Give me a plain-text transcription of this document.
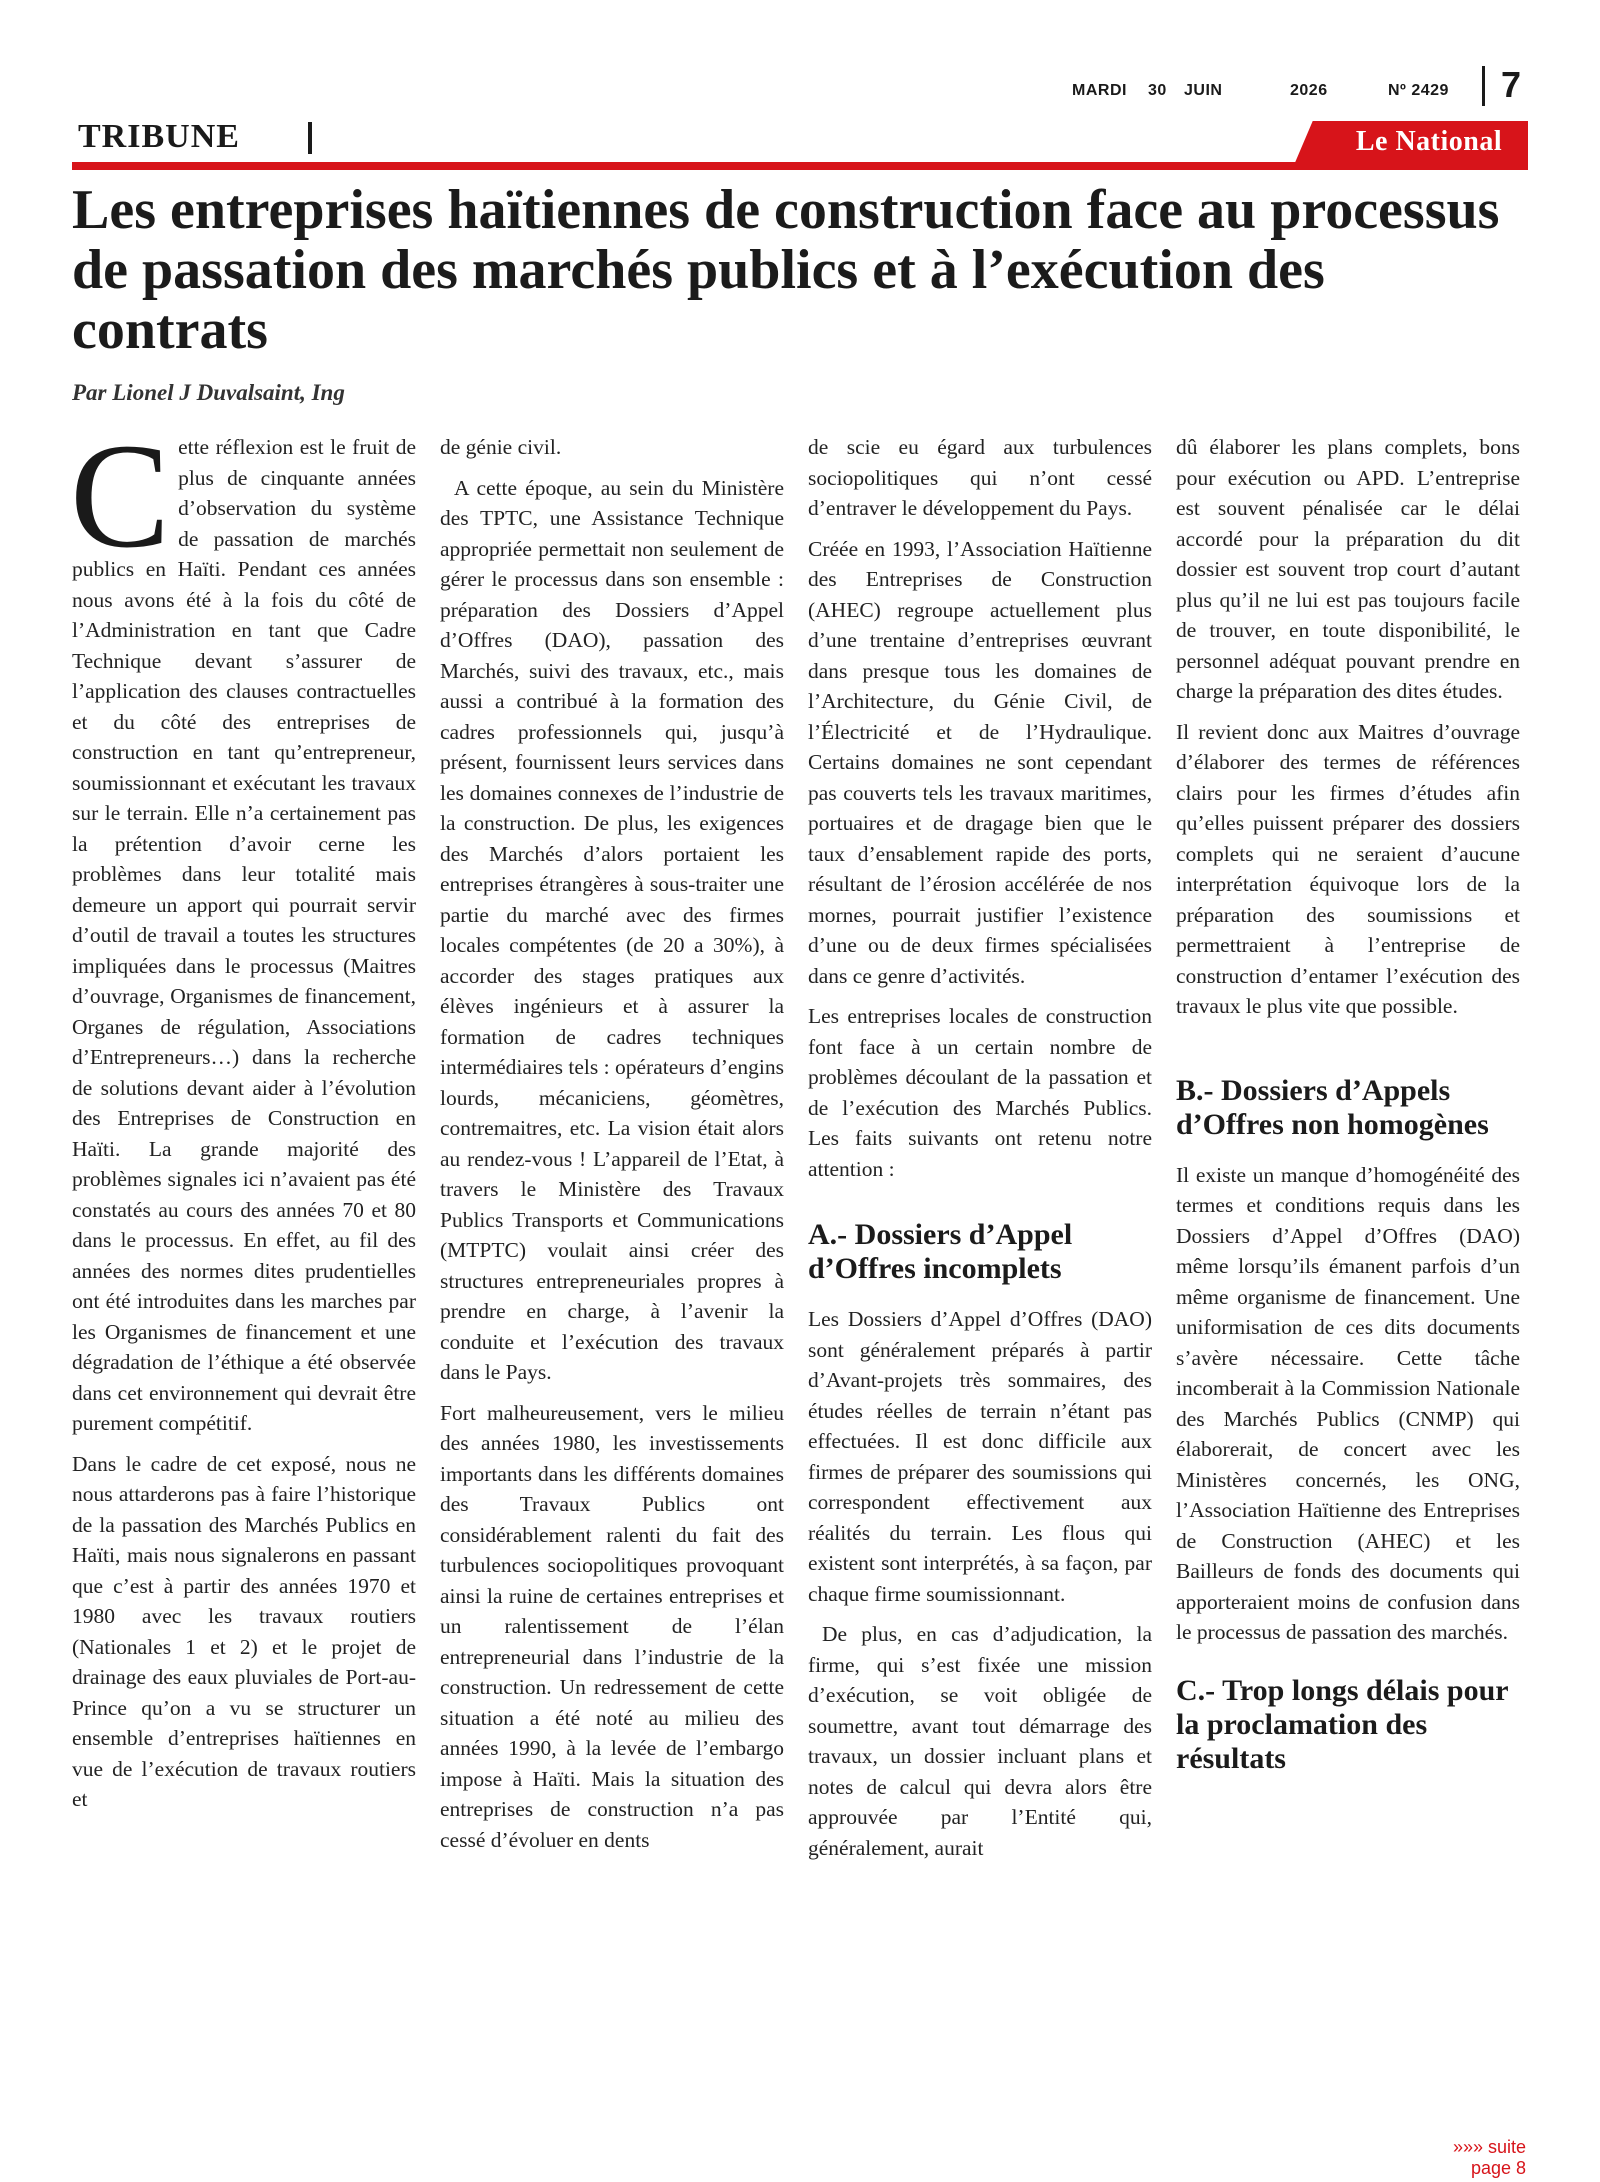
MARDI 30 JUIN	2026	Nº 2429	7
TRIBUNE	Le National
Les entreprises haïtiennes de construction face au processus de passation des marchés publics et à l’exécution des contrats
Par Lionel J Duvalsaint, Ing

Cette réflexion est le fruit de plus de cinquante années d’observation du système de passation de marchés publics en Haïti. Pendant ces années nous avons été à la fois du côté de l’Administration en tant que Cadre Technique devant s’assurer de l’application des clauses contractuelles et du côté des entreprises de construction en tant qu’entrepreneur, soumissionnant et exécutant les travaux sur le terrain. Elle n’a certainement pas la prétention d’avoir cerne les problèmes dans leur totalité mais demeure un apport qui pourrait servir d’outil de travail a toutes les structures impliquées dans le processus (Maitres d’ouvrage, Organismes de financement, Organes de régulation, Associations d’Entrepreneurs…) dans la recherche de solutions devant aider à l’évolution des Entreprises de Construction en Haïti. La grande majorité des problèmes signales ici n’avaient pas été constatés au cours des années 70 et 80 dans le processus. En effet, au fil des années des normes dites prudentielles ont été introduites dans les marches par les Organismes de financement et une dégradation de l’éthique a été observée dans cet environnement qui devrait être purement compétitif.

Dans le cadre de cet exposé, nous ne nous attarderons pas à faire l’historique de la passation des Marchés Publics en Haïti, mais nous signalerons en passant que c’est à partir des années 1970 et 1980 avec les travaux routiers (Nationales 1 et 2) et le projet de drainage des eaux pluviales de Port-au-Prince qu’on a vu se structurer un ensemble d’entreprises haïtiennes en vue de l’exécution de travaux routiers et

de génie civil.

A cette époque, au sein du Ministère des TPTC, une Assistance Technique appropriée permettait non seulement de gérer le processus dans son ensemble : préparation des Dossiers d’Appel d’Offres (DAO), passation des Marchés, suivi des travaux, etc., mais aussi a contribué à la formation des cadres professionnels qui, jusqu’à présent, fournissent leurs services dans les domaines connexes de l’industrie de la construction. De plus, les exigences des Marchés d’alors portaient les entreprises étrangères à sous-traiter une partie du marché avec des firmes locales compétentes (de 20 a 30%), à accorder des stages pratiques aux élèves ingénieurs et à assurer la formation de cadres techniques intermédiaires tels : opérateurs d’engins lourds, mécaniciens, géomètres, contremaitres, etc. La vision était alors au rendez-vous ! L’appareil de l’Etat, à travers le Ministère des Travaux Publics Transports et Communications (MTPTC) voulait ainsi créer des structures entrepreneuriales propres à prendre en charge, à l’avenir la conduite et l’exécution des travaux dans le Pays.

Fort malheureusement, vers le milieu des années 1980, les investissements importants dans les différents domaines des Travaux Publics ont considérablement ralenti du fait des turbulences sociopolitiques provoquant ainsi la ruine de certaines entreprises et un ralentissement de l’élan entrepreneurial dans l’industrie de la construction. Un redressement de cette situation a été noté au milieu des années 1990, à la levée de l’embargo impose à Haïti. Mais la situation des entreprises de construction n’a pas cessé d’évoluer en dents

de scie eu égard aux turbulences sociopolitiques qui n’ont cessé d’entraver le développement du Pays.

Créée en 1993, l’Association Haïtienne des Entreprises de Construction (AHEC) regroupe actuellement plus d’une trentaine d’entreprises œuvrant dans presque tous les domaines de l’Architecture, du Génie Civil, de l’Électricité et de l’Hydraulique. Certains domaines ne sont cependant pas couverts tels les travaux maritimes, portuaires et de dragage bien que le taux d’ensablement rapide des ports, résultant de l’érosion accélérée de nos mornes, pourrait justifier l’existence d’une ou de deux firmes spécialisées dans ce genre d’activités.

Les entreprises locales de construction font face à un certain nombre de problèmes découlant de la passation et de l’exécution des Marchés Publics. Les faits suivants ont retenu notre attention :

A.- Dossiers d’Appel d’Offres incomplets

Les Dossiers d’Appel d’Offres (DAO) sont généralement préparés à partir d’Avant-projets très sommaires, des études réelles de terrain n’étant pas effectuées. Il est donc difficile aux firmes de préparer des soumissions qui correspondent effectivement aux réalités du terrain. Les flous qui existent sont interprétés, à sa façon, par chaque firme soumissionnant.

De plus, en cas d’adjudication, la firme, qui s’est fixée une mission d’exécution, se voit obligée de soumettre, avant tout démarrage des travaux, un dossier incluant plans et notes de calcul qui devra alors être approuvée par l’Entité qui, généralement, aurait

dû élaborer les plans complets, bons pour exécution ou APD. L’entreprise est souvent pénalisée car le délai accordé pour la préparation du dit dossier est souvent trop court d’autant plus qu’il ne lui est pas toujours facile de trouver, en toute disponibilité, le personnel adéquat pouvant prendre en charge la préparation des dites études.

Il revient donc aux Maitres d’ouvrage d’élaborer des termes de références clairs pour les firmes d’études afin qu’elles puissent préparer des dossiers complets qui ne seraient d’aucune interprétation équivoque lors de la préparation des soumissions et permettraient à l’entreprise de construction d’entamer l’exécution des travaux le plus vite que possible.

B.- Dossiers d’Appels d’Offres non homogènes

Il existe un manque d’homogénéité des termes et conditions requis dans les Dossiers d’Appel d’Offres (DAO) même lorsqu’ils émanent parfois d’un même organisme de financement. Une uniformisation de ces dits documents s’avère nécessaire. Cette tâche incomberait à la Commission Nationale des Marchés Publics (CNMP) qui élaborerait, de concert avec les Ministères concernés, les ONG, l’Association Haïtienne des Entreprises de Construction (AHEC) et les Bailleurs de fonds des documents qui apporteraient moins de confusion dans le processus de passation des marchés.

C.- Trop longs délais pour la proclamation des résultats
»»» suite page 8
